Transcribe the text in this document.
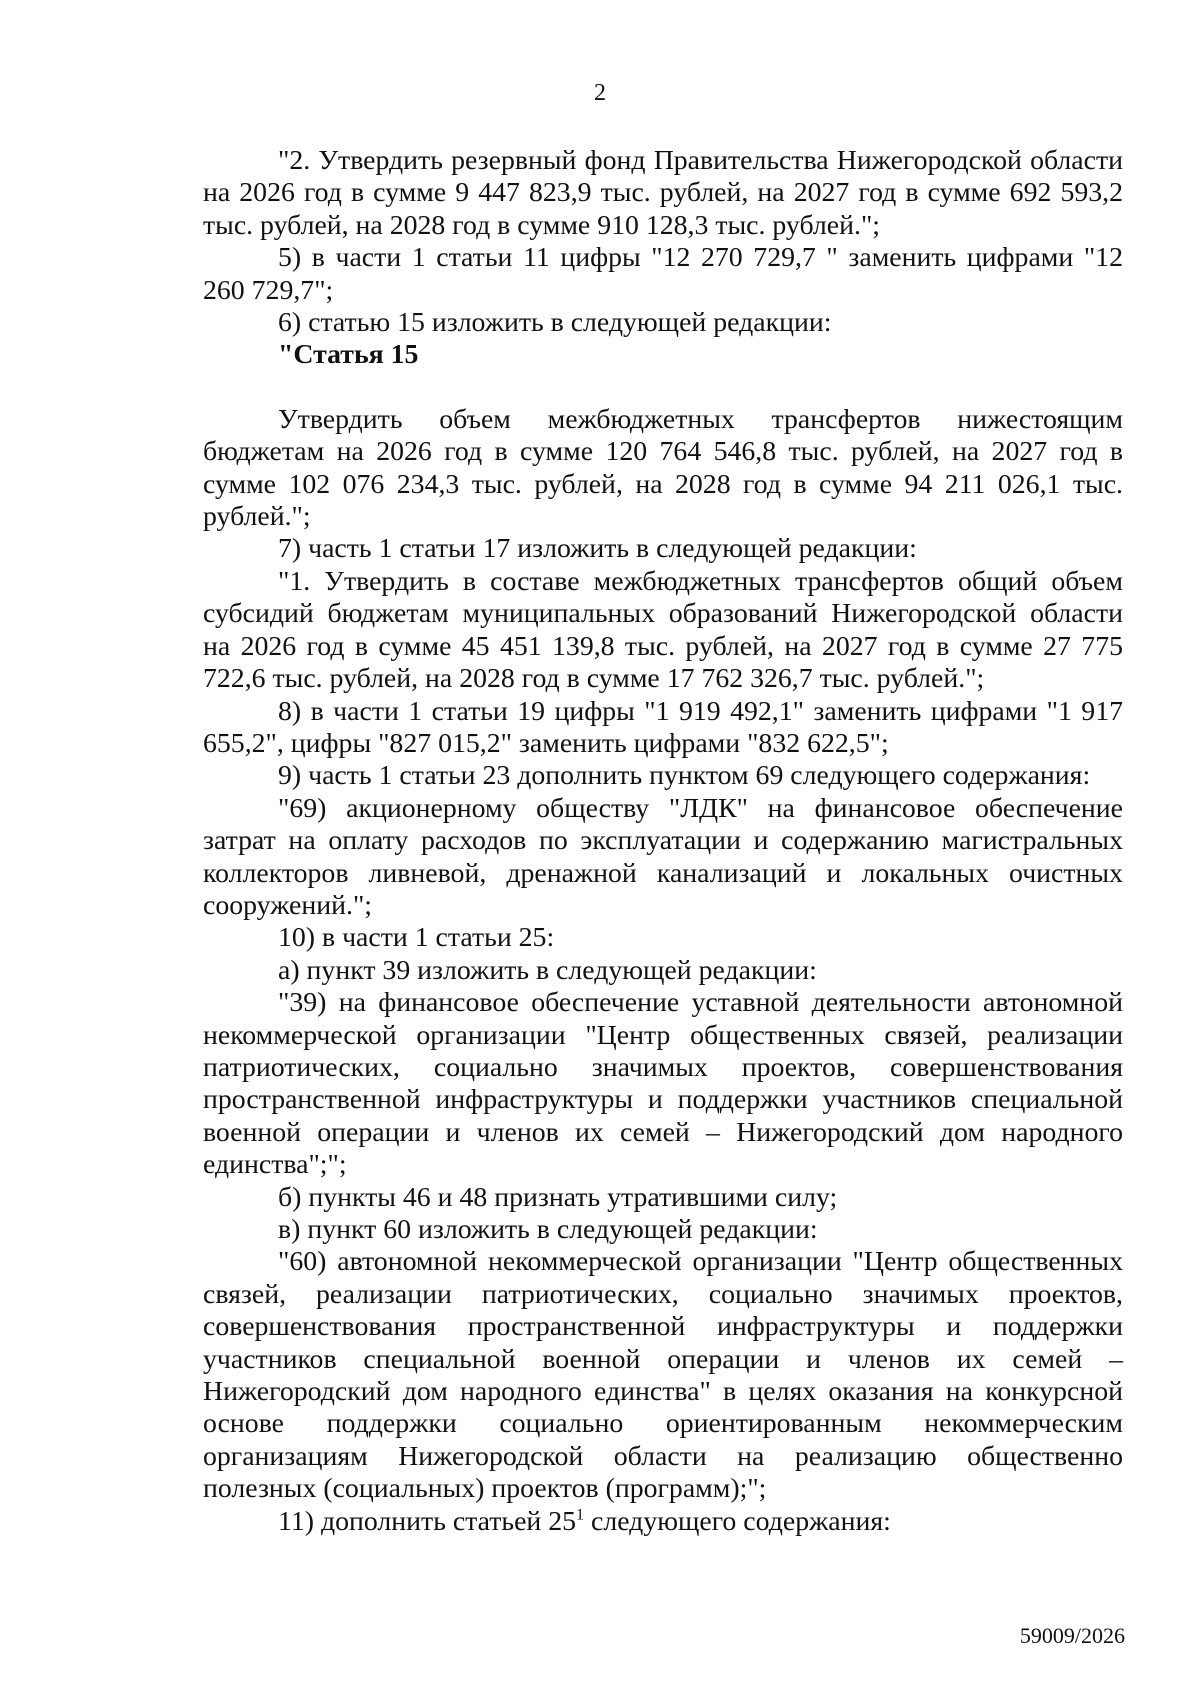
2

"2. Утвердить резервный фонд Правительства Нижегородской области на 2026 год в сумме 9 447 823,9 тыс. рублей, на 2027 год в сумме 692 593,2 тыс. рублей, на 2028 год в сумме 910 128,3 тыс. рублей.";

5) в части 1 статьи 11 цифры "12 270 729,7 " заменить цифрами "12 260 729,7";

6) статью 15 изложить в следующей редакции:

"Статья 15

Утвердить объем межбюджетных трансфертов нижестоящим бюджетам на 2026 год в сумме 120 764 546,8 тыс. рублей, на 2027 год в сумме 102 076 234,3 тыс. рублей, на 2028 год в сумме 94 211 026,1 тыс. рублей.";

7) часть 1 статьи 17 изложить в следующей редакции:

"1. Утвердить в составе межбюджетных трансфертов общий объем субсидий бюджетам муниципальных образований Нижегородской области на 2026 год в сумме 45 451 139,8 тыс. рублей, на 2027 год в сумме 27 775 722,6 тыс. рублей, на 2028 год в сумме 17 762 326,7 тыс. рублей.";

8) в части 1 статьи 19 цифры "1 919 492,1" заменить цифрами "1 917 655,2", цифры "827 015,2" заменить цифрами "832 622,5";

9) часть 1 статьи 23 дополнить пунктом 69 следующего содержания:

"69) акционерному обществу "ЛДК" на финансовое обеспечение затрат на оплату расходов по эксплуатации и содержанию магистральных коллекторов ливневой, дренажной канализаций и локальных очистных сооружений.";

10) в части 1 статьи 25:

а) пункт 39 изложить в следующей редакции:

"39) на финансовое обеспечение уставной деятельности автономной некоммерческой организации "Центр общественных связей, реализации патриотических, социально значимых проектов, совершенствования пространственной инфраструктуры и поддержки участников специальной военной операции и членов их семей – Нижегородский дом народного единства";";

б) пункты 46 и 48 признать утратившими силу;

в) пункт 60 изложить в следующей редакции:

"60) автономной некоммерческой организации "Центр общественных связей, реализации патриотических, социально значимых проектов, совершенствования пространственной инфраструктуры и поддержки участников специальной военной операции и членов их семей – Нижегородский дом народного единства" в целях оказания на конкурсной основе поддержки социально ориентированным некоммерческим организациям Нижегородской области на реализацию общественно полезных (социальных) проектов (программ);";

11) дополнить статьей $25^1$ следующего содержания:

59009/2026
